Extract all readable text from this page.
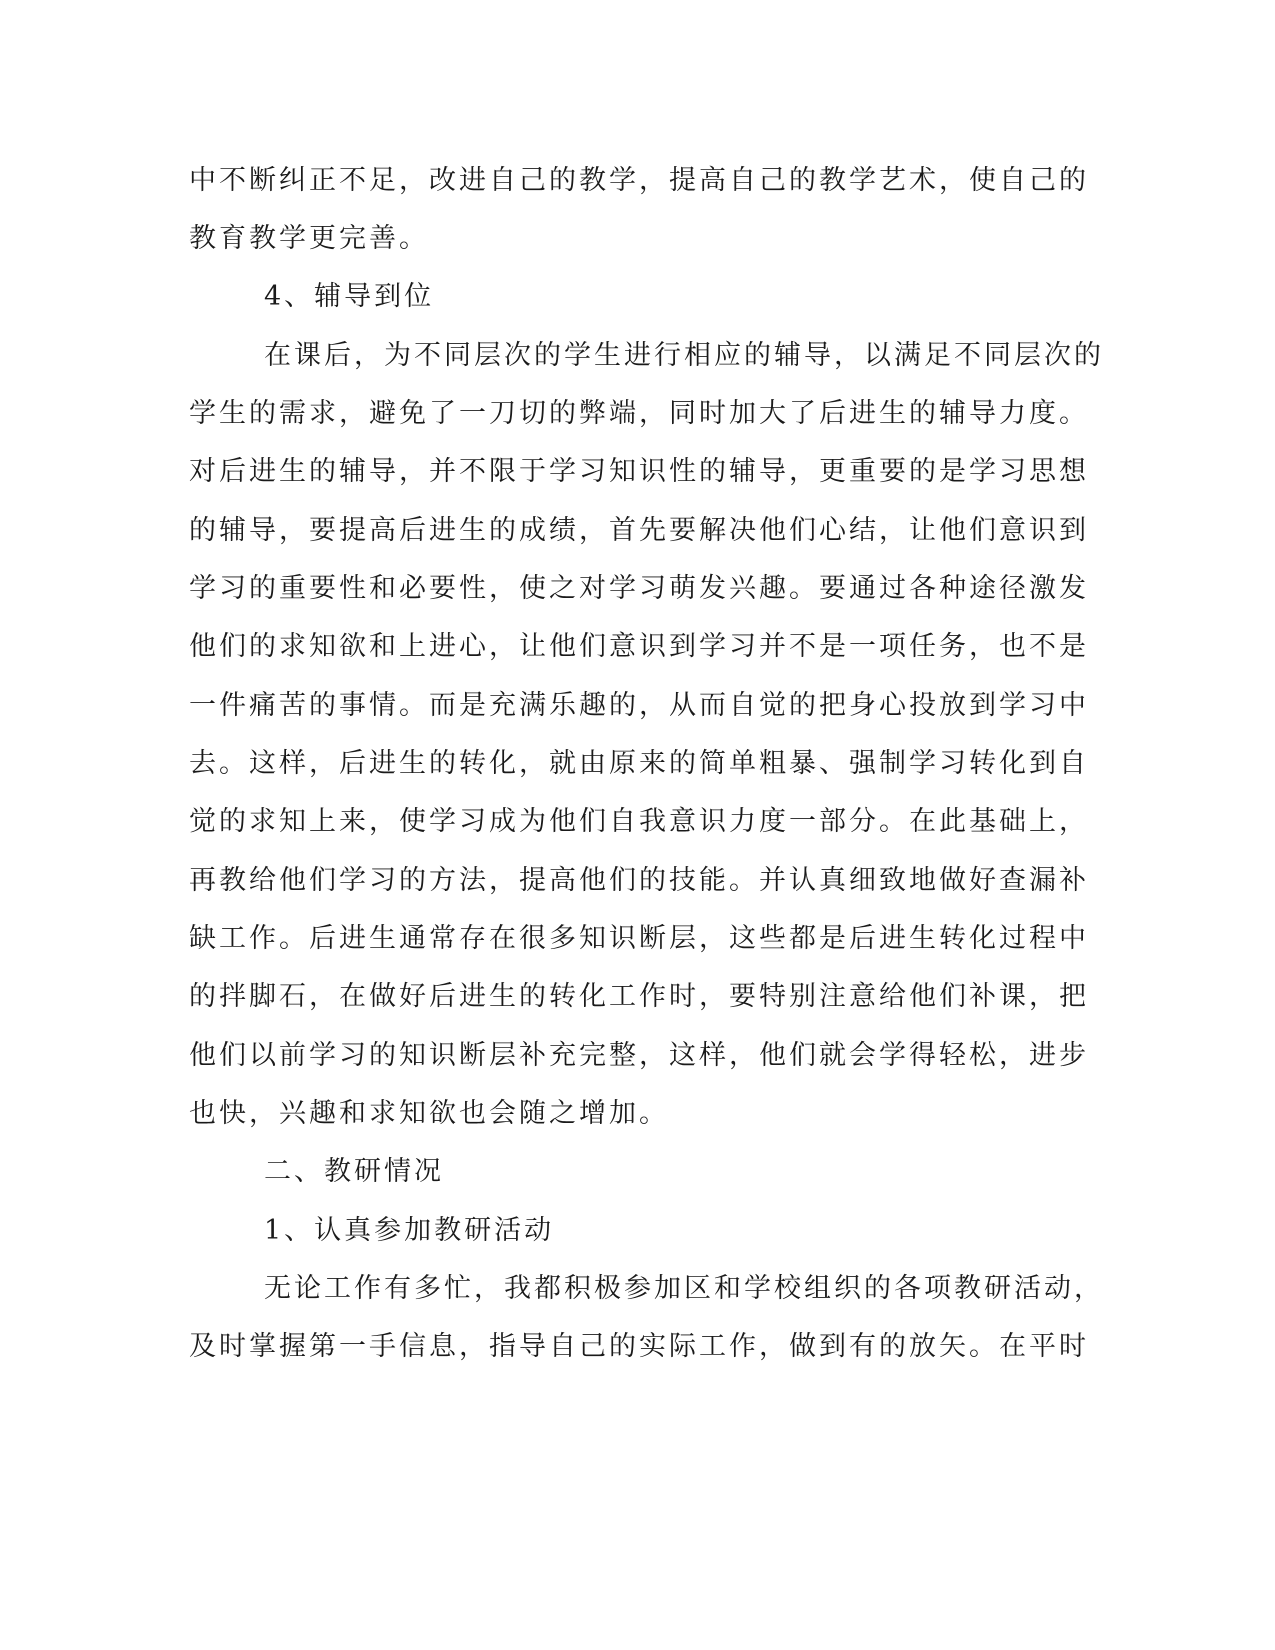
中不断纠正不足，改进自己的教学，提高自己的教学艺术，使自己的
教育教学更完善。
4、辅导到位
在课后，为不同层次的学生进行相应的辅导，以满足不同层次的
学生的需求，避免了一刀切的弊端，同时加大了后进生的辅导力度。
对后进生的辅导，并不限于学习知识性的辅导，更重要的是学习思想
的辅导，要提高后进生的成绩，首先要解决他们心结，让他们意识到
学习的重要性和必要性，使之对学习萌发兴趣。要通过各种途径激发
他们的求知欲和上进心，让他们意识到学习并不是一项任务，也不是
一件痛苦的事情。而是充满乐趣的，从而自觉的把身心投放到学习中
去。这样，后进生的转化，就由原来的简单粗暴、强制学习转化到自
觉的求知上来，使学习成为他们自我意识力度一部分。在此基础上，
再教给他们学习的方法，提高他们的技能。并认真细致地做好查漏补
缺工作。后进生通常存在很多知识断层，这些都是后进生转化过程中
的拌脚石，在做好后进生的转化工作时，要特别注意给他们补课，把
他们以前学习的知识断层补充完整，这样，他们就会学得轻松，进步
也快，兴趣和求知欲也会随之增加。
二、教研情况
1、认真参加教研活动
无论工作有多忙，我都积极参加区和学校组织的各项教研活动，
及时掌握第一手信息，指导自己的实际工作，做到有的放矢。在平时
